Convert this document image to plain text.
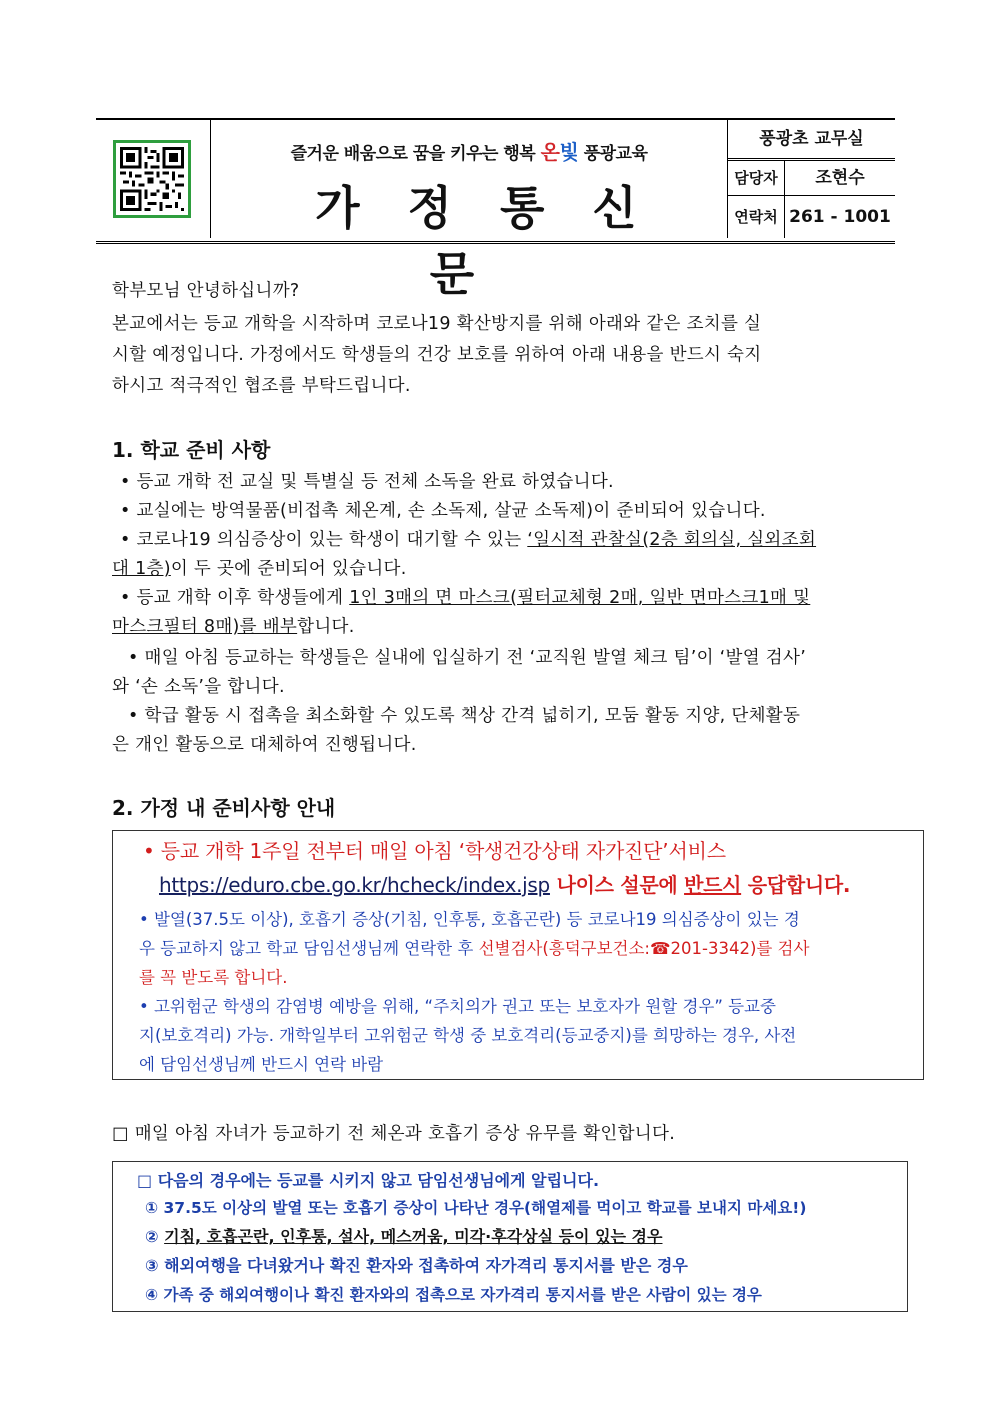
즐거운 배움으로 꿈을 키우는 행복 온빛 풍광교육
가정통신문
풍광초 교무실
담당자	조현수
연락처 261 - 1001
학부모님 안녕하십니까?
본교에서는 등교 개학을 시작하며 코로나19 확산방지를 위해 아래와 같은 조치를 실
시할 예정입니다. 가정에서도 학생들의 건강 보호를 위하여 아래 내용을 반드시 숙지
하시고 적극적인 협조를 부탁드립니다.
1. 학교 준비 사항
• 등교 개학 전 교실 및 특별실 등 전체 소독을 완료 하였습니다.
• 교실에는 방역물품(비접촉 체온계, 손 소독제, 살균 소독제)이 준비되어 있습니다.
• 코로나19 의심증상이 있는 학생이 대기할 수 있는 ‘일시적 관찰실(2층 회의실, 실외조회
대 1층)이 두 곳에 준비되어 있습니다.
• 등교 개학 이후 학생들에게 1인 3매의 면 마스크(필터교체형 2매, 일반 면마스크1매 및
마스크필터 8매)를 배부합니다.
• 매일 아침 등교하는 학생들은 실내에 입실하기 전 ‘교직원 발열 체크 팀’이 ‘발열 검사’
와 ‘손 소독’을 합니다.
• 학급 활동 시 접촉을 최소화할 수 있도록 책상 간격 넓히기, 모둠 활동 지양, 단체활동
은 개인 활동으로 대체하여 진행됩니다.
2. 가정 내 준비사항 안내
• 등교 개학 1주일 전부터 매일 아침 ‘학생건강상태 자가진단’서비스
https://eduro.cbe.go.kr/hcheck/index.jsp 나이스 설문에 반드시 응답합니다.
• 발열(37.5도 이상), 호흡기 증상(기침, 인후통, 호흡곤란) 등 코로나19 의심증상이 있는 경
우 등교하지 않고 학교 담임선생님께 연락한 후 선별검사(흥덕구보건소:☎201-3342)를 검사
를 꼭 받도록 합니다.
• 고위험군 학생의 감염병 예방을 위해, “주치의가 권고 또는 보호자가 원할 경우” 등교중
지(보호격리) 가능. 개학일부터 고위험군 학생 중 보호격리(등교중지)를 희망하는 경우, 사전
에 담임선생님께 반드시 연락 바람
□ 매일 아침 자녀가 등교하기 전 체온과 호흡기 증상 유무를 확인합니다.
□ 다음의 경우에는 등교를 시키지 않고 담임선생님에게 알립니다.
① 37.5도 이상의 발열 또는 호흡기 증상이 나타난 경우(해열제를 먹이고 학교를 보내지 마세요!)
② 기침, 호흡곤란, 인후통, 설사, 메스꺼움, 미각·후각상실 등이 있는 경우
③ 해외여행을 다녀왔거나 확진 환자와 접촉하여 자가격리 통지서를 받은 경우
④ 가족 중 해외여행이나 확진 환자와의 접촉으로 자가격리 통지서를 받은 사람이 있는 경우
